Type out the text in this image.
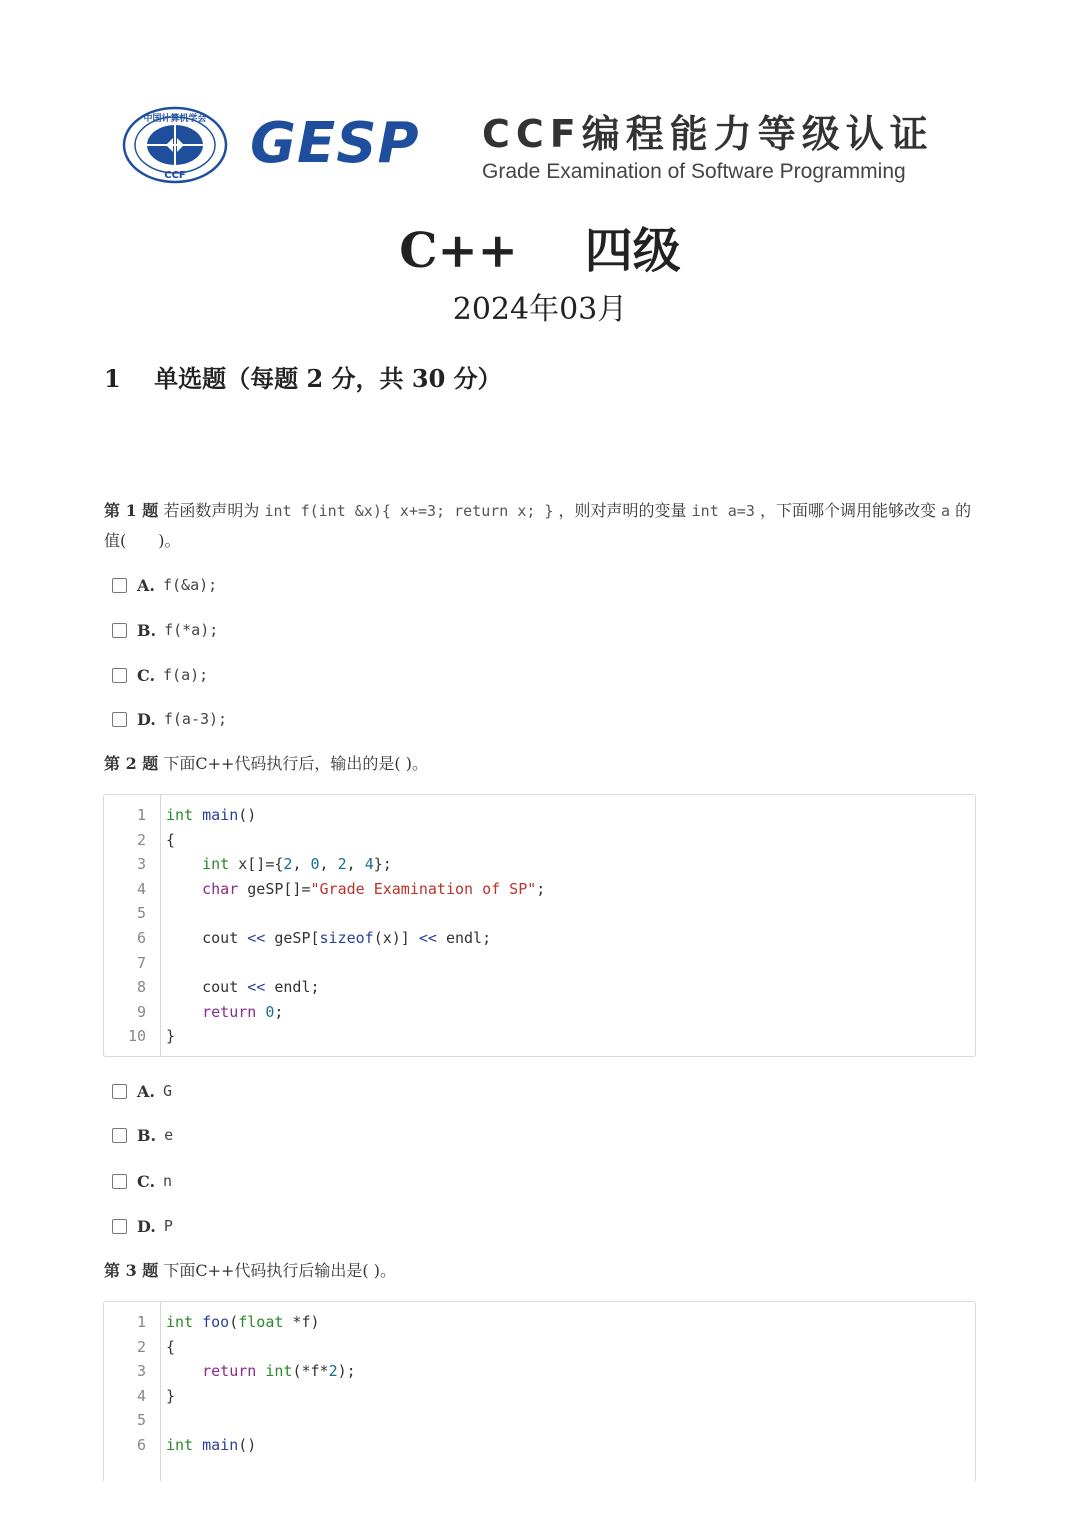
中国计算机学会
CCF GESP CCF编程能力等级认证
Grade Examination of Software Programming
C++    四级
2024年03月
1    单选题（每题 2 分，共 30 分）
第 1 题 若函数声明为 int f(int &x){ x+=3; return x; } ，则对声明的变量 int a=3 ，下面哪个调用能够改变 a 的值(　　)。
A. f(&a);
B. f(*a);
C. f(a);
D. f(a-3);
第 2 题 下面C++代码执行后，输出的是( )。
1 int main()
2 {
3	int x[]={2, 0, 2, 4};
4	char geSP[]="Grade Examination of SP";
5
6 cout << geSP[sizeof(x)] << endl;
7
8 cout << endl;
9	return 0;
10 }
A. G
B. e
C. n
D. P
第 3 题 下面C++代码执行后输出是( )。
1 int foo(float *f)
2 {
3	return int(*f*2);
4 }
5
6 int main()
